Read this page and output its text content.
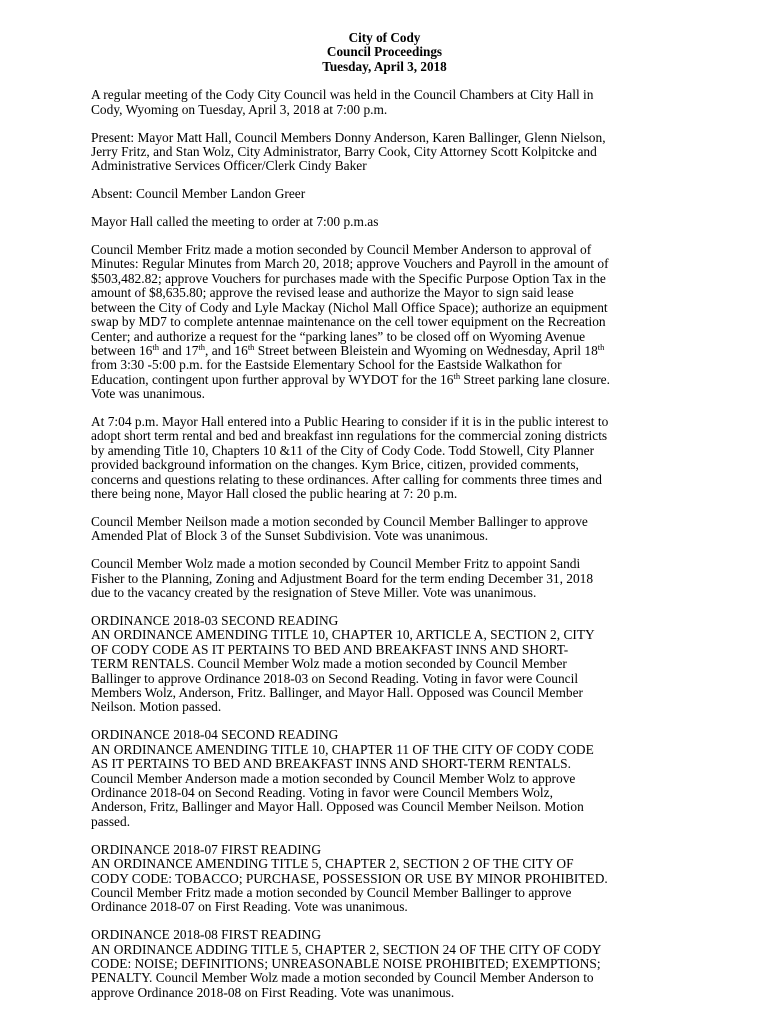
City of Cody
Council Proceedings
Tuesday, April 3, 2018

A regular meeting of the Cody City Council was held in the Council Chambers at City Hall in
Cody, Wyoming on Tuesday, April 3, 2018 at 7:00 p.m.

Present: Mayor Matt Hall, Council Members Donny Anderson, Karen Ballinger, Glenn Nielson,
Jerry Fritz, and Stan Wolz, City Administrator, Barry Cook, City Attorney Scott Kolpitcke and
Administrative Services Officer/Clerk Cindy Baker

Absent: Council Member Landon Greer

Mayor Hall called the meeting to order at 7:00 p.m.as

Council Member Fritz made a motion seconded by Council Member Anderson to approval of
Minutes: Regular Minutes from March 20, 2018; approve Vouchers and Payroll in the amount of
$503,482.82; approve Vouchers for purchases made with the Specific Purpose Option Tax in the
amount of $8,635.80; approve the revised lease and authorize the Mayor to sign said lease
between the City of Cody and Lyle Mackay (Nichol Mall Office Space); authorize an equipment
swap by MD7 to complete antennae maintenance on the cell tower equipment on the Recreation
Center; and authorize a request for the “parking lanes” to be closed off on Wyoming Avenue
between 16th and 17th, and 16th Street between Bleistein and Wyoming on Wednesday, April 18th
from 3:30 -5:00 p.m. for the Eastside Elementary School for the Eastside Walkathon for
Education, contingent upon further approval by WYDOT for the 16th Street parking lane closure.
Vote was unanimous.

At 7:04 p.m. Mayor Hall entered into a Public Hearing to consider if it is in the public interest to
adopt short term rental and bed and breakfast inn regulations for the commercial zoning districts
by amending Title 10, Chapters 10 &11 of the City of Cody Code. Todd Stowell, City Planner
provided background information on the changes. Kym Brice, citizen, provided comments,
concerns and questions relating to these ordinances. After calling for comments three times and
there being none, Mayor Hall closed the public hearing at 7: 20 p.m.

Council Member Neilson made a motion seconded by Council Member Ballinger to approve
Amended Plat of Block 3 of the Sunset Subdivision. Vote was unanimous.

Council Member Wolz made a motion seconded by Council Member Fritz to appoint Sandi
Fisher to the Planning, Zoning and Adjustment Board for the term ending December 31, 2018
due to the vacancy created by the resignation of Steve Miller. Vote was unanimous.

ORDINANCE 2018-03 SECOND READING
AN ORDINANCE AMENDING TITLE 10, CHAPTER 10, ARTICLE A, SECTION 2, CITY
OF CODY CODE AS IT PERTAINS TO BED AND BREAKFAST INNS AND SHORT-
TERM RENTALS. Council Member Wolz made a motion seconded by Council Member
Ballinger to approve Ordinance 2018-03 on Second Reading. Voting in favor were Council
Members Wolz, Anderson, Fritz. Ballinger, and Mayor Hall. Opposed was Council Member
Neilson. Motion passed.

ORDINANCE 2018-04 SECOND READING
AN ORDINANCE AMENDING TITLE 10, CHAPTER 11 OF THE CITY OF CODY CODE
AS IT PERTAINS TO BED AND BREAKFAST INNS AND SHORT-TERM RENTALS.
Council Member Anderson made a motion seconded by Council Member Wolz to approve
Ordinance 2018-04 on Second Reading. Voting in favor were Council Members Wolz,
Anderson, Fritz, Ballinger and Mayor Hall. Opposed was Council Member Neilson. Motion
passed.

ORDINANCE 2018-07 FIRST READING
AN ORDINANCE AMENDING TITLE 5, CHAPTER 2, SECTION 2 OF THE CITY OF
CODY CODE: TOBACCO; PURCHASE, POSSESSION OR USE BY MINOR PROHIBITED.
Council Member Fritz made a motion seconded by Council Member Ballinger to approve
Ordinance 2018-07 on First Reading. Vote was unanimous.

ORDINANCE 2018-08 FIRST READING
AN ORDINANCE ADDING TITLE 5, CHAPTER 2, SECTION 24 OF THE CITY OF CODY
CODE: NOISE; DEFINITIONS; UNREASONABLE NOISE PROHIBITED; EXEMPTIONS;
PENALTY. Council Member Wolz made a motion seconded by Council Member Anderson to
approve Ordinance 2018-08 on First Reading. Vote was unanimous.
